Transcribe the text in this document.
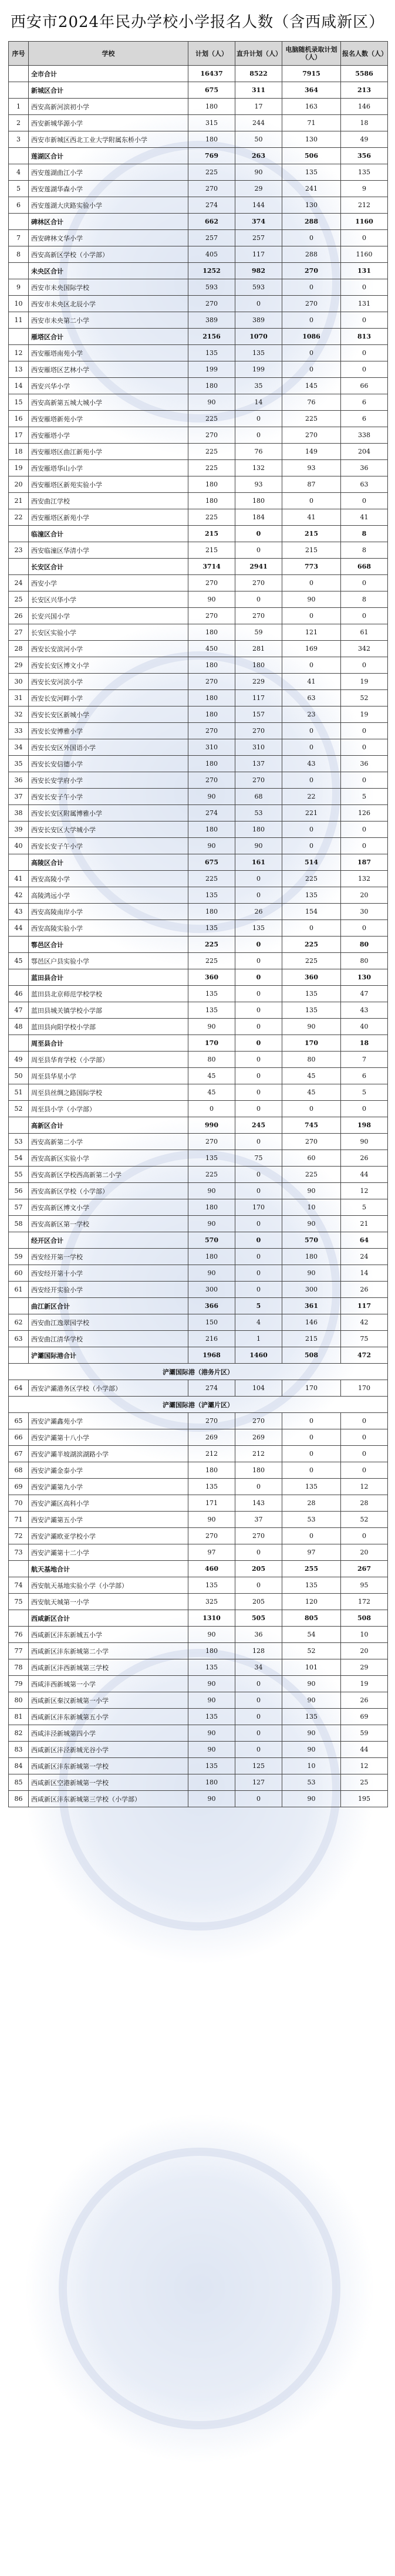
西安市2024年民办学校小学报名人数（含西咸新区）
序号	学校	计划（人）	直升计划（人）	电脑随机录取计划（人）	报名人数（人）
	全市合计	16437	8522	7915	5586
	新城区合计	675	311	364	213
1	西安高新河滨初小学	180	17	163	146
2	西安新城华源小学	315	244	71	18
3	西安市新城区西北工业大学附属东桥小学	180	50	130	49
	莲湖区合计	769	263	506	356
4	西安莲湖曲江小学	225	90	135	135
5	西安莲湖华森小学	270	29	241	9
6	西安莲湖大庆路实验小学	274	144	130	212
	碑林区合计	662	374	288	1160
7	西安碑林文华小学	257	257	0	0
8	西安高新区学校（小学部）	405	117	288	1160
	未央区合计	1252	982	270	131
9	西安市未央国际学校	593	593	0	0
10	西安市未央区北辰小学	270	0	270	131
11	西安市未央第二小学	389	389	0	0
	雁塔区合计	2156	1070	1086	813
12	西安雁塔南苑小学	135	135	0	0
13	西安雁塔区艺林小学	199	199	0	0
14	西安兴华小学	180	35	145	66
15	西安高新第五城大城小学	90	14	76	6
16	西安雁塔新苑小学	225	0	225	6
17	西安雁塔小学	270	0	270	338
18	西安雁塔区曲江新苑小学	225	76	149	204
19	西安雁塔华山小学	225	132	93	36
20	西安雁塔区新苑实验小学	180	93	87	63
21	西安曲江学校	180	180	0	0
22	西安雁塔区新苑小学	225	184	41	41
	临潼区合计	215	0	215	8
23	西安临潼区华清小学	215	0	215	8
	长安区合计	3714	2941	773	668
24	西安小学	270	270	0	0
25	长安区兴华小学	90	0	90	8
26	长安兴国小学	270	270	0	0
27	长安区实验小学	180	59	121	61
28	西安长安滨河小学	450	281	169	342
29	西安长安区博文小学	180	180	0	0
30	西安长安河滨小学	270	229	41	19
31	西安长安河畔小学	180	117	63	52
32	西安长安区新城小学	180	157	23	19
33	西安长安博雅小学	270	270	0	0
34	西安长安区外国语小学	310	310	0	0
35	西安长安信德小学	180	137	43	36
36	西安长安学府小学	270	270	0	0
37	西安长安子午小学	90	68	22	5
38	西安长安区附属博雅小学	274	53	221	126
39	西安长安区大学城小学	180	180	0	0
40	西安长安子午小学	90	90	0	0
	高陵区合计	675	161	514	187
41	西安高陵小学	225	0	225	132
42	高陵鸿远小学	135	0	135	20
43	西安高陵南岸小学	180	26	154	30
44	西安高陵实验小学	135	135	0	0
	鄠邑区合计	225	0	225	80
45	鄠邑区户县实验小学	225	0	225	80
	蓝田县合计	360	0	360	130
46	蓝田县北京师范学校学校	135	0	135	47
47	蓝田县城关镇学校小学部	135	0	135	43
48	蓝田县向阳学校小学部	90	0	90	40
	周至县合计	170	0	170	18
49	周至县华育学校（小学部）	80	0	80	7
50	周至县华星小学	45	0	45	6
51	周至县丝绸之路国际学校	45	0	45	5
52	周至县小学（小学部）	0	0	0	0
	高新区合计	990	245	745	198
53	西安高新第二小学	270	0	270	90
54	西安高新区实验小学	135	75	60	26
55	西安高新区学校西高新第二小学	225	0	225	44
56	西安高新区学校（小学部）	90	0	90	12
57	西安高新区博文小学	180	170	10	5
58	西安高新区第一学校	90	0	90	21
	经开区合计	570	0	570	64
59	西安经开第一学校	180	0	180	24
60	西安经开第十小学	90	0	90	14
61	西安经开实验小学	300	0	300	26
	曲江新区合计	366	5	361	117
62	西安曲江逸翠园学校	150	4	146	42
63	西安曲江清华学校	216	1	215	75
	浐灞国际港合计	1968	1460	508	472
浐灞国际港（港务片区）					
64	西安浐灞港务区学校（小学部）	274	104	170	170
浐灞国际港（浐灞片区）					
65	西安浐灞鑫苑小学	270	270	0	0
66	西安浐灞第十八小学	269	269	0	0
67	西安浐灞半坡湖滨湖路小学	212	212	0	0
68	西安浐灞金泰小学	180	180	0	0
69	西安浐灞第九小学	135	0	135	12
70	西安浐灞区高科小学	171	143	28	28
71	西安浐灞第五小学	90	37	53	52
72	西安浐灞欧亚学校小学	270	270	0	0
73	西安浐灞第十二小学	97	0	97	20
	航天基地合计	460	205	255	267
74	西安航天基地实验小学（小学部）	135	0	135	95
75	西安航天城第一小学	325	205	120	172
	西咸新区合计	1310	505	805	508
76	西咸新区沣东新城五小学	90	36	54	10
77	西咸新区沣东新城第二小学	180	128	52	20
78	西咸新区沣西新城第三学校	135	34	101	29
79	西咸沣西新城第一小学	90	0	90	19
80	西咸新区秦汉新城第一小学	90	0	90	26
81	西咸新区沣东新城第五小学	135	0	135	69
82	西咸沣泾新城第四小学	90	0	90	59
83	西咸新区沣泾新城光谷小学	90	0	90	44
84	西咸新区沣东新城第一学校	135	125	10	12
85	西咸新区空港新城第一学校	180	127	53	25
86	西咸新区沣东新城第三学校（小学部）	90	0	90	195
